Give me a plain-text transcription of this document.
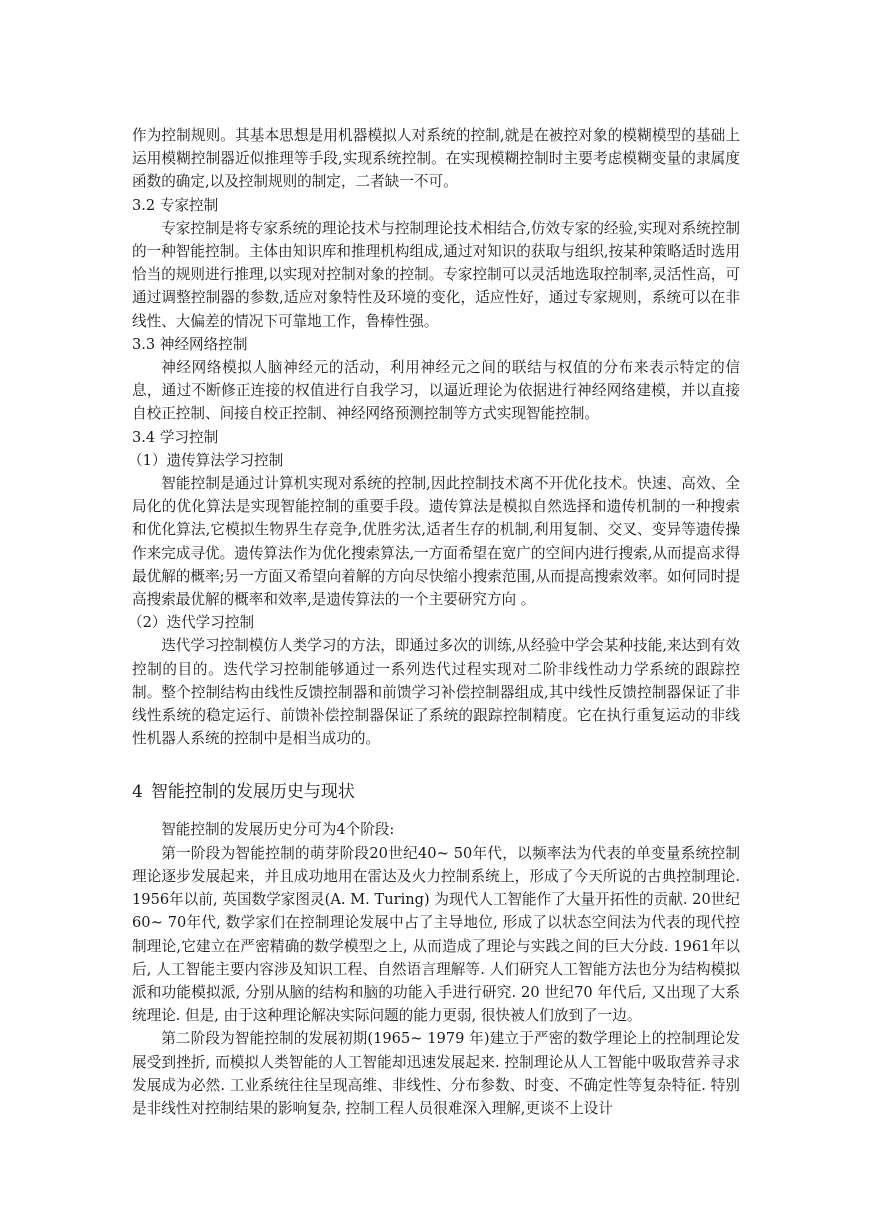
作为控制规则。其基本思想是用机器模拟人对系统的控制,就是在被控对象的模糊模型的基础上运用模糊控制器近似推理等手段,实现系统控制。在实现模糊控制时主要考虑模糊变量的隶属度函数的确定,以及控制规则的制定，二者缺一不可。

3.2 专家控制

专家控制是将专家系统的理论技术与控制理论技术相结合,仿效专家的经验,实现对系统控制的一种智能控制。主体由知识库和推理机构组成,通过对知识的获取与组织,按某种策略适时选用恰当的规则进行推理,以实现对控制对象的控制。专家控制可以灵活地选取控制率,灵活性高，可通过调整控制器的参数,适应对象特性及环境的变化，适应性好，通过专家规则，系统可以在非线性、大偏差的情况下可靠地工作，鲁棒性强。

3.3 神经网络控制

神经网络模拟人脑神经元的活动，利用神经元之间的联结与权值的分布来表示特定的信息，通过不断修正连接的权值进行自我学习，以逼近理论为依据进行神经网络建模，并以直接自校正控制、间接自校正控制、神经网络预测控制等方式实现智能控制。

3.4 学习控制
（1）遗传算法学习控制

智能控制是通过计算机实现对系统的控制,因此控制技术离不开优化技术。快速、高效、全局化的优化算法是实现智能控制的重要手段。遗传算法是模拟自然选择和遗传机制的一种搜索和优化算法,它模拟生物界生存竞争,优胜劣汰,适者生存的机制,利用复制、交叉、变异等遗传操作来完成寻优。遗传算法作为优化搜索算法,一方面希望在宽广的空间内进行搜索,从而提高求得最优解的概率;另一方面又希望向着解的方向尽快缩小搜索范围,从而提高搜索效率。如何同时提高搜索最优解的概率和效率,是遗传算法的一个主要研究方向 。

（2）迭代学习控制

迭代学习控制模仿人类学习的方法，即通过多次的训练,从经验中学会某种技能,来达到有效控制的目的。迭代学习控制能够通过一系列迭代过程实现对二阶非线性动力学系统的跟踪控制。整个控制结构由线性反馈控制器和前馈学习补偿控制器组成,其中线性反馈控制器保证了非线性系统的稳定运行、前馈补偿控制器保证了系统的跟踪控制精度。它在执行重复运动的非线性机器人系统的控制中是相当成功的。

4 智能控制的发展历史与现状

智能控制的发展历史分可为4个阶段:

第一阶段为智能控制的萌芽阶段20世纪40~ 50年代，以频率法为代表的单变量系统控制理论逐步发展起来，并且成功地用在雷达及火力控制系统上，形成了今天所说的古典控制理论. 1956年以前, 英国数学家图灵(A. M. Turing) 为现代人工智能作了大量开拓性的贡献. 20世纪60~ 70年代, 数学家们在控制理论发展中占了主导地位, 形成了以状态空间法为代表的现代控制理论,它建立在严密精确的数学模型之上, 从而造成了理论与实践之间的巨大分歧. 1961年以后, 人工智能主要内容涉及知识工程、自然语言理解等. 人们研究人工智能方法也分为结构模拟派和功能模拟派, 分别从脑的结构和脑的功能入手进行研究. 20 世纪70 年代后, 又出现了大系统理论. 但是, 由于这种理论解决实际问题的能力更弱, 很快被人们放到了一边。

第二阶段为智能控制的发展初期(1965~ 1979 年)建立于严密的数学理论上的控制理论发展受到挫折, 而模拟人类智能的人工智能却迅速发展起来. 控制理论从人工智能中吸取营养寻求发展成为必然. 工业系统往往呈现高维、非线性、分布参数、时变、不确定性等复杂特征. 特别是非线性对控制结果的影响复杂, 控制工程人员很难深入理解,更谈不上设计
